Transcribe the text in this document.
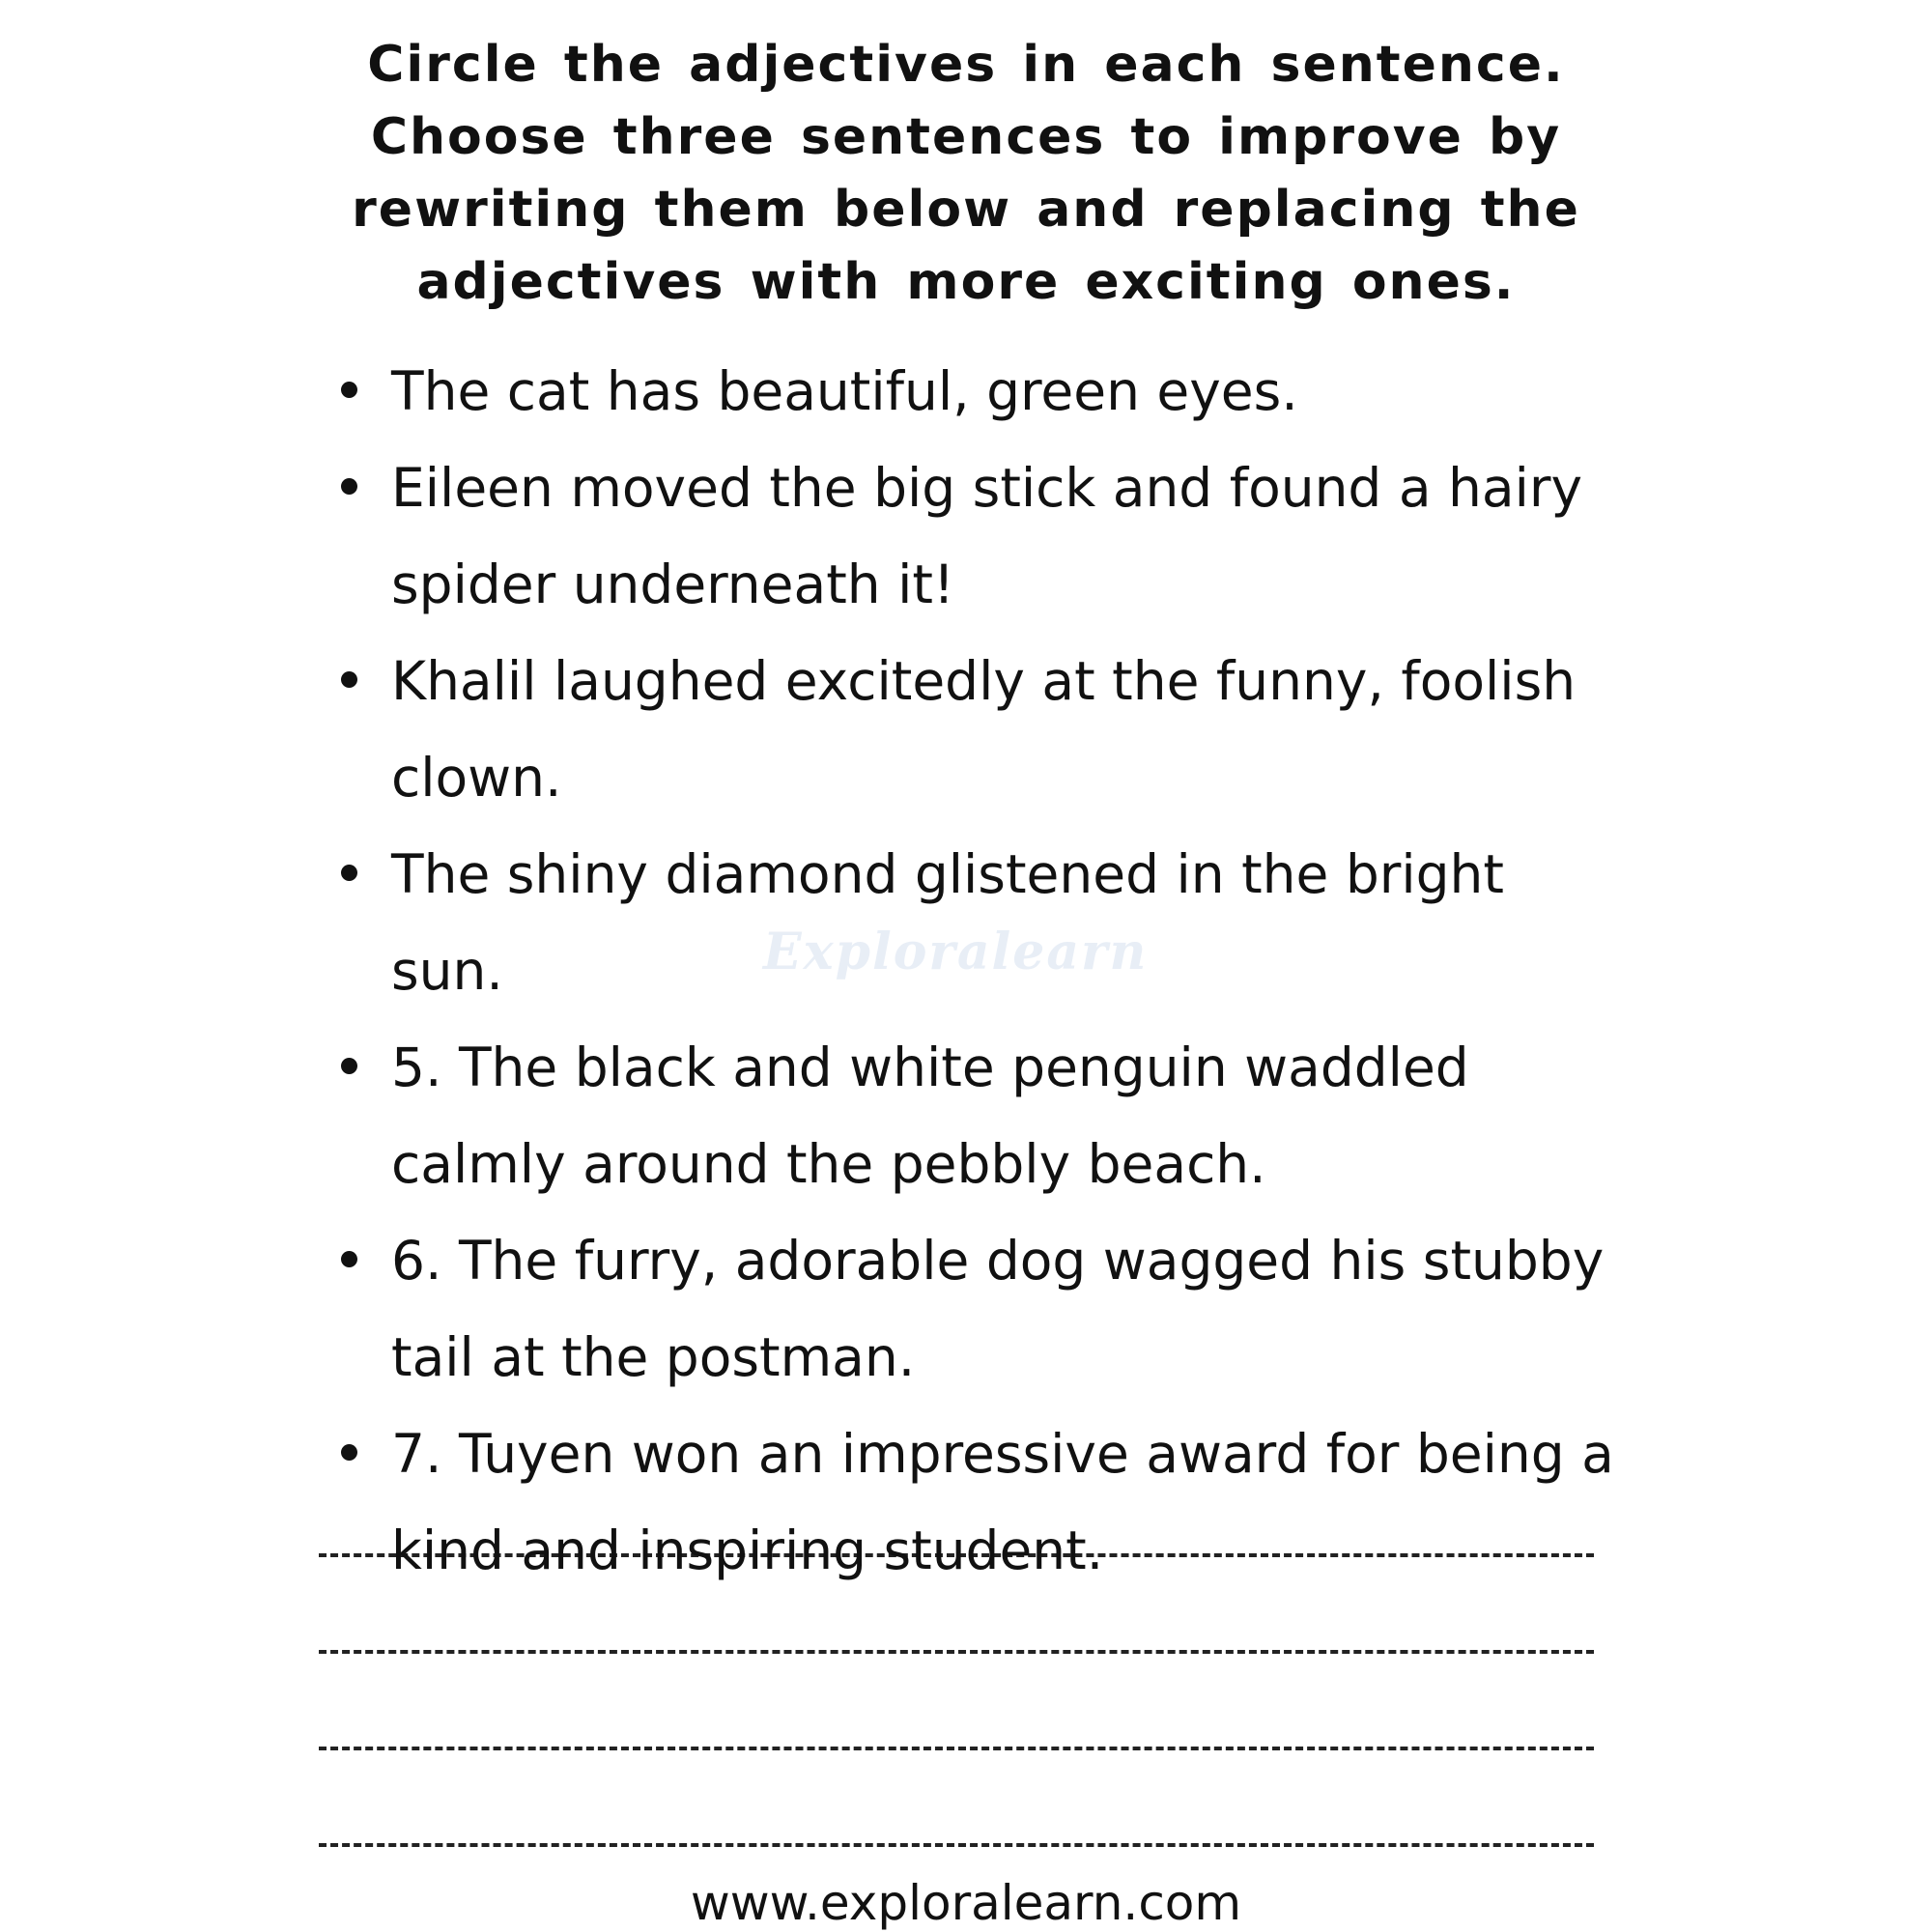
Circle the adjectives in each sentence. Choose three sentences to improve by rewriting them below and replacing the adjectives with more exciting ones.

Exploralearn
The cat has beautiful, green eyes.
Eileen moved the big stick and found a hairy spider underneath it!
Khalil laughed excitedly at the funny, foolish clown.
The shiny diamond glistened in the bright sun.
5. The black and white penguin waddled calmly around the pebbly beach.
6. The furry, adorable dog wagged his stubby tail at the postman.
7. Tuyen won an impressive award for being a kind and inspiring student.

www.exploralearn.com
